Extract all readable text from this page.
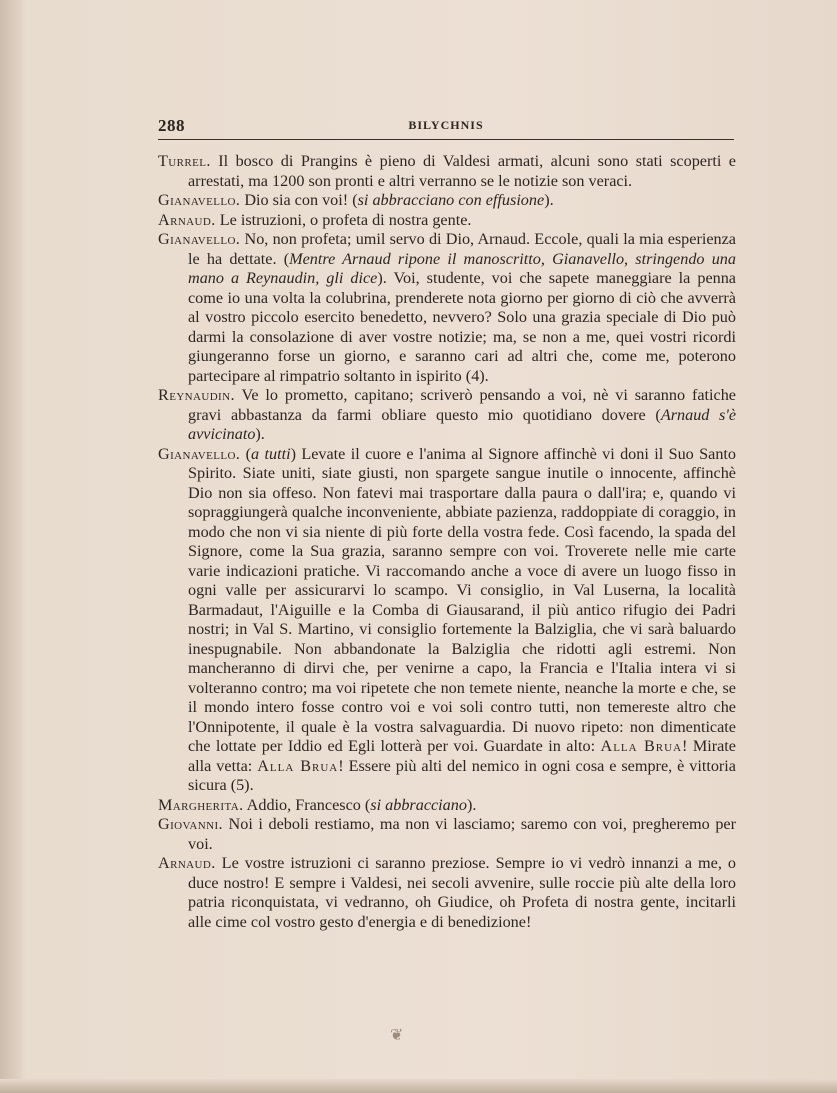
288	BILYCHNIS

Turrel. Il bosco di Prangins è pieno di Valdesi armati, alcuni sono stati scoperti e arrestati, ma 1200 son pronti e altri verranno se le notizie son veraci.

Gianavello. Dio sia con voi! (si abbracciano con effusione).

Arnaud. Le istruzioni, o profeta di nostra gente.

Gianavello. No, non profeta; umil servo di Dio, Arnaud. Eccole, quali la mia esperienza le ha dettate. (Mentre Arnaud ripone il manoscritto, Gianavello, stringendo una mano a Reynaudin, gli dice). Voi, studente, voi che sapete maneggiare la penna come io una volta la colubrina, prenderete nota giorno per giorno di ciò che avverrà al vostro piccolo esercito benedetto, nevvero? Solo una grazia speciale di Dio può darmi la consolazione di aver vostre notizie; ma, se non a me, quei vostri ricordi giungeranno forse un giorno, e saranno cari ad altri che, come me, poterono partecipare al rimpatrio soltanto in ispirito (4).

Reynaudin. Ve lo prometto, capitano; scriverò pensando a voi, nè vi saranno fatiche gravi abbastanza da farmi obliare questo mio quotidiano dovere (Arnaud s'è avvicinato).

Gianavello. (a tutti) Levate il cuore e l'anima al Signore affinchè vi doni il Suo Santo Spirito. Siate uniti, siate giusti, non spargete sangue inutile o innocente, affinchè Dio non sia offeso. Non fatevi mai trasportare dalla paura o dall'ira; e, quando vi sopraggiungerà qualche inconveniente, abbiate pazienza, raddoppiate di coraggio, in modo che non vi sia niente di più forte della vostra fede. Così facendo, la spada del Signore, come la Sua grazia, saranno sempre con voi. Troverete nelle mie carte varie indicazioni pratiche. Vi raccomando anche a voce di avere un luogo fisso in ogni valle per assicurarvi lo scampo. Vi consiglio, in Val Luserna, la località Barmadaut, l'Aiguille e la Comba di Giausarand, il più antico rifugio dei Padri nostri; in Val S. Martino, vi consiglio fortemente la Balziglia, che vi sarà baluardo inespugnabile. Non abbandonate la Balziglia che ridotti agli estremi. Non mancheranno di dirvi che, per venirne a capo, la Francia e l'Italia intera vi si volteranno contro; ma voi ripetete che non temete niente, neanche la morte e che, se il mondo intero fosse contro voi e voi soli contro tutti, non temereste altro che l'Onnipotente, il quale è la vostra salvaguardia. Di nuovo ripeto: non dimenticate che lottate per Iddio ed Egli lotterà per voi. Guardate in alto: Alla Brua! Mirate alla vetta: Alla Brua! Essere più alti del nemico in ogni cosa e sempre, è vittoria sicura (5).

Margherita. Addio, Francesco (si abbracciano).

Giovanni. Noi i deboli restiamo, ma non vi lasciamo; saremo con voi, pregheremo per voi.

Arnaud. Le vostre istruzioni ci saranno preziose. Sempre io vi vedrò innanzi a me, o duce nostro! E sempre i Valdesi, nei secoli avvenire, sulle roccie più alte della loro patria riconquistata, vi vedranno, oh Giudice, oh Profeta di nostra gente, incitarli alle cime col vostro gesto d'energia e di benedizione!

❦
